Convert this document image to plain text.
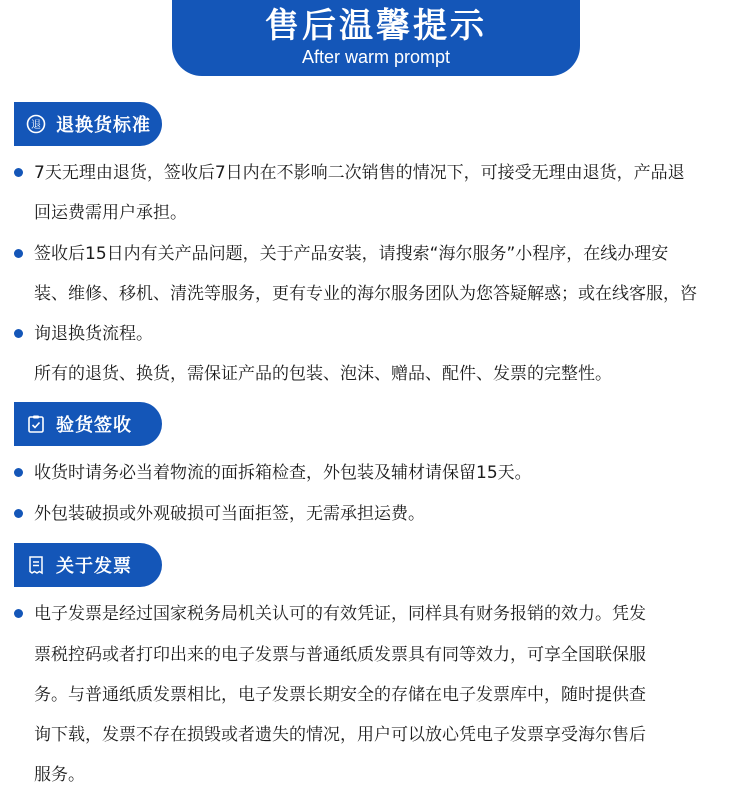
售后温馨提示
After warm prompt
退 退换货标准
7天无理由退货，签收后7日内在不影响二次销售的情况下，可接受无理由退货，产品退
回运费需用户承担。
签收后15日内有关产品问题，关于产品安装，请搜索“海尔服务”小程序，在线办理安
装、维修、移机、清洗等服务，更有专业的海尔服务团队为您答疑解惑；或在线客服，咨
询退换货流程。
所有的退货、换货，需保证产品的包装、泡沫、赠品、配件、发票的完整性。
验货签收
收货时请务必当着物流的面拆箱检查，外包装及辅材请保留15天。
外包装破损或外观破损可当面拒签，无需承担运费。
关于发票
电子发票是经过国家税务局机关认可的有效凭证，同样具有财务报销的效力。凭发
票税控码或者打印出来的电子发票与普通纸质发票具有同等效力，可享全国联保服
务。与普通纸质发票相比，电子发票长期安全的存储在电子发票库中，随时提供查
询下载，发票不存在损毁或者遗失的情况，用户可以放心凭电子发票享受海尔售后
服务。
